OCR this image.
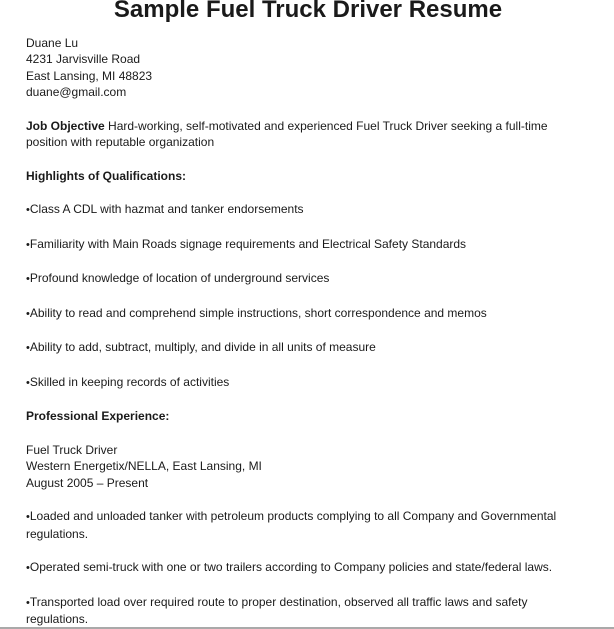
Sample Fuel Truck Driver Resume

Duane Lu

4231 Jarvisville Road

East Lansing, MI 48823

duane@gmail.com

Job Objective Hard-working, self-motivated and experienced Fuel Truck Driver seeking a full-time position with reputable organization

Highlights of Qualifications:

•Class A CDL with hazmat and tanker endorsements

•Familiarity with Main Roads signage requirements and Electrical Safety Standards

•Profound knowledge of location of underground services

•Ability to read and comprehend simple instructions, short correspondence and memos

•Ability to add, subtract, multiply, and divide in all units of measure

•Skilled in keeping records of activities

Professional Experience:

Fuel Truck Driver

Western Energetix/NELLA, East Lansing, MI

August 2005 – Present

•Loaded and unloaded tanker with petroleum products complying to all Company and Governmental regulations.

•Operated semi-truck with one or two trailers according to Company policies and state/federal laws.

•Transported load over required route to proper destination, observed all traffic laws and safety regulations.
